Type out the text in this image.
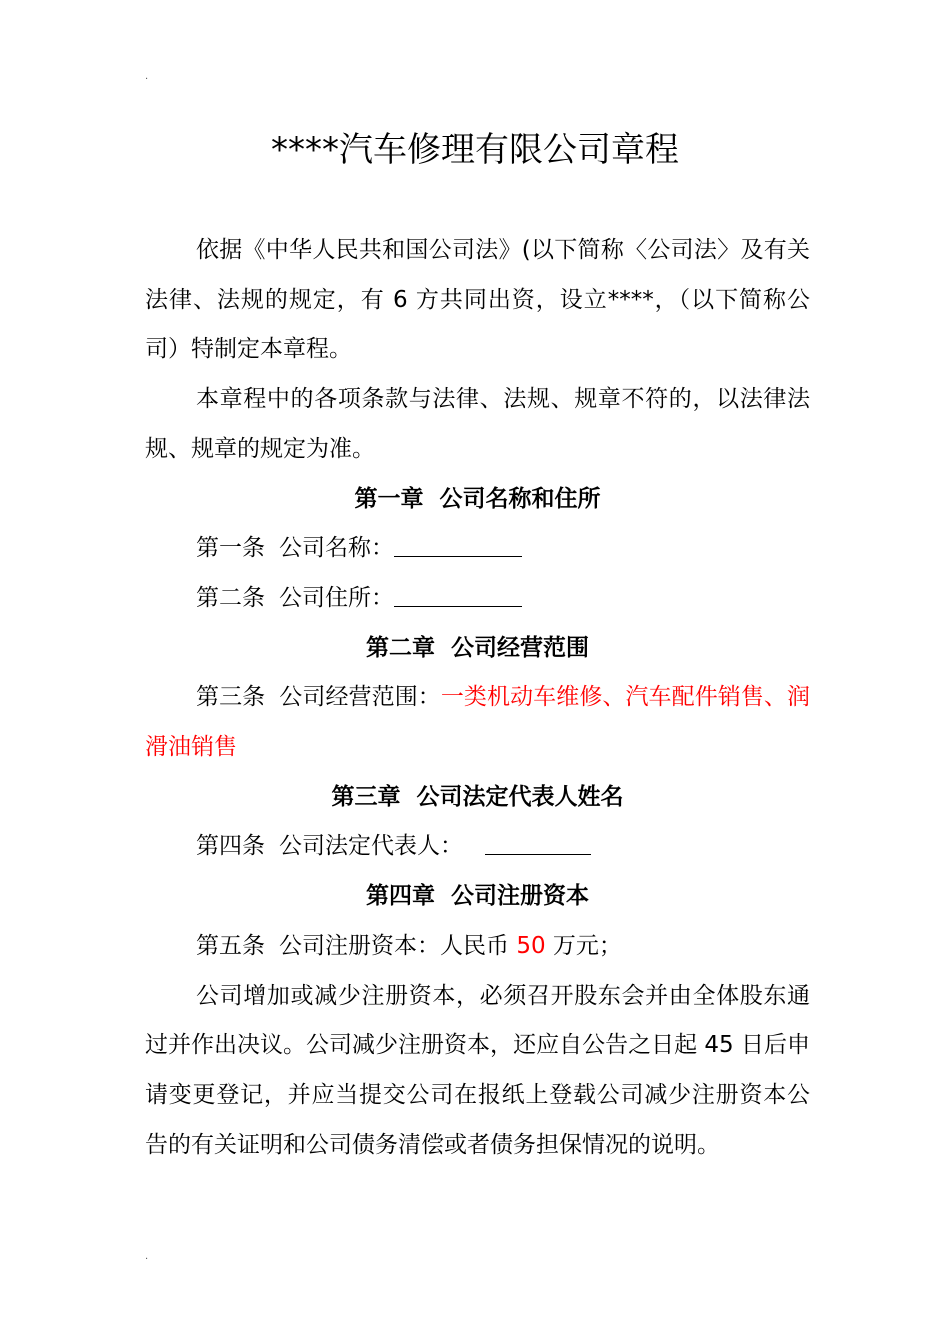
.
****汽车修理有限公司章程

依据《中华人民共和国公司法》(以下简称〈公司法〉及有关法律、法规的规定，有 6 方共同出资，设立****，（以下简称公司）特制定本章程。

本章程中的各项条款与法律、法规、规章不符的，以法律法规、规章的规定为准。

第一章  公司名称和住所

第一条 公司名称：

第二条 公司住所：

第二章  公司经营范围

第三条 公司经营范围：一类机动车维修、汽车配件销售、润滑油销售

第三章  公司法定代表人姓名

第四条 公司法定代表人：

第四章  公司注册资本

第五条 公司注册资本：人民币 50 万元；

公司增加或减少注册资本，必须召开股东会并由全体股东通过并作出决议。公司减少注册资本，还应自公告之日起 45 日后申请变更登记，并应当提交公司在报纸上登载公司减少注册资本公告的有关证明和公司债务清偿或者债务担保情况的说明。

.
